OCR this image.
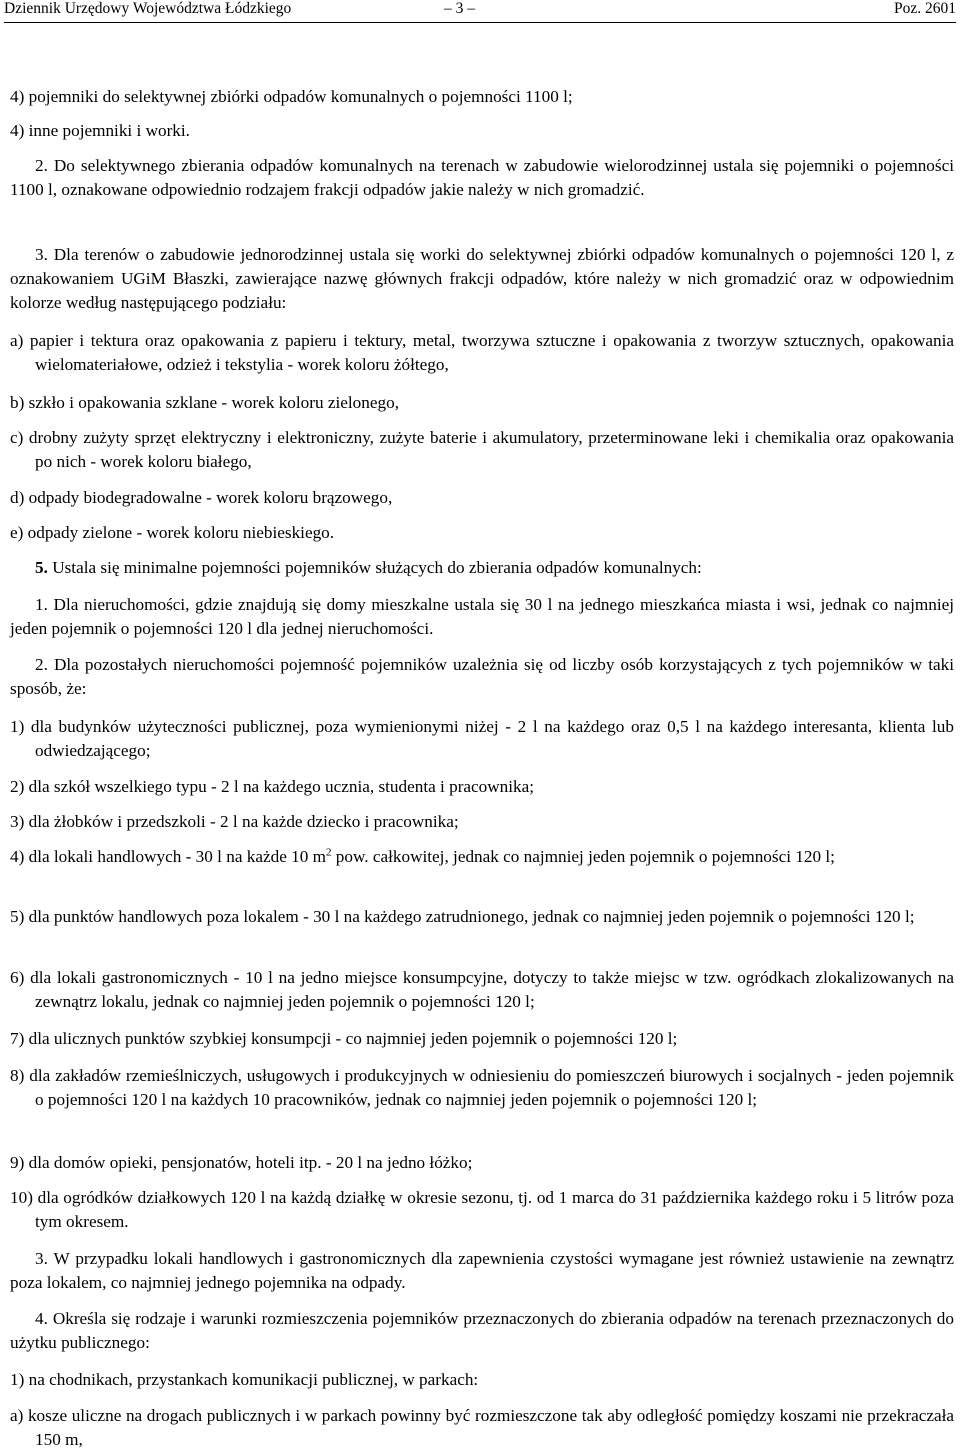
Dziennik Urzędowy Województwa Łódzkiego	– 3 –	Poz. 2601

4) pojemniki do selektywnej zbiórki odpadów komunalnych o pojemności 1100 l;

4) inne pojemniki i worki.

2. Do selektywnego zbierania odpadów komunalnych na terenach w zabudowie wielorodzinnej ustala się pojemniki o pojemności 1100 l, oznakowane odpowiednio rodzajem frakcji odpadów jakie należy w nich gromadzić.

3. Dla terenów o zabudowie jednorodzinnej ustala się worki do selektywnej zbiórki odpadów komunalnych o pojemności 120 l, z oznakowaniem UGiM Błaszki, zawierające nazwę głównych frakcji odpadów, które należy w nich gromadzić oraz w odpowiednim kolorze według następującego podziału:

a) papier i tektura oraz opakowania z papieru i tektury, metal, tworzywa sztuczne i opakowania z tworzyw sztucznych, opakowania wielomateriałowe, odzież i tekstylia - worek koloru żółtego,

b) szkło i opakowania szklane - worek koloru zielonego,

c) drobny zużyty sprzęt elektryczny i elektroniczny, zużyte baterie i akumulatory, przeterminowane leki i chemikalia oraz opakowania po nich - worek koloru białego,

d) odpady biodegradowalne - worek koloru brązowego,

e) odpady zielone - worek koloru niebieskiego.

5. Ustala się minimalne pojemności pojemników służących do zbierania odpadów komunalnych:

1. Dla nieruchomości, gdzie znajdują się domy mieszkalne ustala się 30 l na jednego mieszkańca miasta i wsi, jednak co najmniej jeden pojemnik o pojemności 120 l dla jednej nieruchomości.

2. Dla pozostałych nieruchomości pojemność pojemników uzależnia się od liczby osób korzystających z tych pojemników w taki sposób, że:

1) dla budynków użyteczności publicznej, poza wymienionymi niżej - 2 l na każdego oraz 0,5 l na każdego interesanta, klienta lub odwiedzającego;

2) dla szkół wszelkiego typu - 2 l na każdego ucznia, studenta i pracownika;

3) dla żłobków i przedszkoli - 2 l na każde dziecko i pracownika;

4) dla lokali handlowych - 30 l na każde 10 $m^2$ pow. całkowitej, jednak co najmniej jeden pojemnik o pojemności 120 l;

5) dla punktów handlowych poza lokalem - 30 l na każdego zatrudnionego, jednak co najmniej jeden pojemnik o pojemności 120 l;

6) dla lokali gastronomicznych - 10 l na jedno miejsce konsumpcyjne, dotyczy to także miejsc w tzw. ogródkach zlokalizowanych na zewnątrz lokalu, jednak co najmniej jeden pojemnik o pojemności 120 l;

7) dla ulicznych punktów szybkiej konsumpcji - co najmniej jeden pojemnik o pojemności 120 l;

8) dla zakładów rzemieślniczych, usługowych i produkcyjnych w odniesieniu do pomieszczeń biurowych i socjalnych - jeden pojemnik o pojemności 120 l na każdych 10 pracowników, jednak co najmniej jeden pojemnik o pojemności 120 l;

9) dla domów opieki, pensjonatów, hoteli itp. - 20 l na jedno łóżko;

10) dla ogródków działkowych 120 l na każdą działkę w okresie sezonu, tj. od 1 marca do 31 października każdego roku i 5 litrów poza tym okresem.

3. W przypadku lokali handlowych i gastronomicznych dla zapewnienia czystości wymagane jest również ustawienie na zewnątrz poza lokalem, co najmniej jednego pojemnika na odpady.

4. Określa się rodzaje i warunki rozmieszczenia pojemników przeznaczonych do zbierania odpadów na terenach przeznaczonych do użytku publicznego:

1) na chodnikach, przystankach komunikacji publicznej, w parkach:

a) kosze uliczne na drogach publicznych i w parkach powinny być rozmieszczone tak aby odległość pomiędzy koszami nie przekraczała 150 m,
